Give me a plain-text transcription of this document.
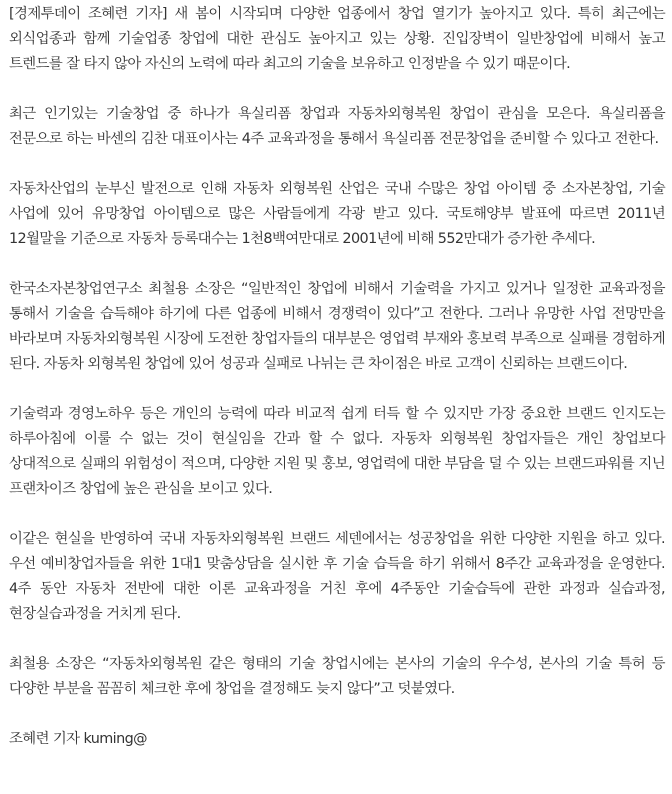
[경제투데이 조혜련 기자] 새 봄이 시작되며 다양한 업종에서 창업 열기가 높아지고 있다. 특히 최근에는 외식업종과 함께 기술업종 창업에 대한 관심도 높아지고 있는 상황. 진입장벽이 일반창업에 비해서 높고 트렌드를 잘 타지 않아 자신의 노력에 따라 최고의 기술을 보유하고 인정받을 수 있기 때문이다.

최근 인기있는 기술창업 중 하나가 욕실리폼 창업과 자동차외형복원 창업이 관심을 모은다. 욕실리폼을 전문으로 하는 바센의 김찬 대표이사는 4주 교육과정을 통해서 욕실리폼 전문창업을 준비할 수 있다고 전한다.

자동차산업의 눈부신 발전으로 인해 자동차 외형복원 산업은 국내 수많은 창업 아이템 중 소자본창업, 기술 사업에 있어 유망창업 아이템으로 많은 사람들에게 각광 받고 있다. 국토해양부 발표에 따르면 2011년 12월말을 기준으로 자동차 등록대수는 1천8백여만대로 2001년에 비해 552만대가 증가한 추세다.

한국소자본창업연구소 최철용 소장은 “일반적인 창업에 비해서 기술력을 가지고 있거나 일정한 교육과정을 통해서 기술을 습득해야 하기에 다른 업종에 비해서 경쟁력이 있다”고 전한다. 그러나 유망한 사업 전망만을 바라보며 자동차외형복원 시장에 도전한 창업자들의 대부분은 영업력 부재와 홍보력 부족으로 실패를 경험하게 된다. 자동차 외형복원 창업에 있어 성공과 실패로 나뉘는 큰 차이점은 바로 고객이 신뢰하는 브랜드이다.

기술력과 경영노하우 등은 개인의 능력에 따라 비교적 쉽게 터득 할 수 있지만 가장 중요한 브랜드 인지도는 하루아침에 이룰 수 없는 것이 현실임을 간과 할 수 없다. 자동차 외형복원 창업자들은 개인 창업보다 상대적으로 실패의 위험성이 적으며, 다양한 지원 및 홍보, 영업력에 대한 부담을 덜 수 있는 브랜드파워를 지닌 프랜차이즈 창업에 높은 관심을 보이고 있다.

이같은 현실을 반영하여 국내 자동차외형복원 브랜드 세덴에서는 성공창업을 위한 다양한 지원을 하고 있다. 우선 예비창업자들을 위한 1대1 맞춤상담을 실시한 후 기술 습득을 하기 위해서 8주간 교육과정을 운영한다. 4주 동안 자동차 전반에 대한 이론 교육과정을 거친 후에 4주동안 기술습득에 관한 과정과 실습과정, 현장실습과정을 거치게 된다.

최철용 소장은 “자동차외형복원 같은 형태의 기술 창업시에는 본사의 기술의 우수성, 본사의 기술 특허 등 다양한 부분을 꼼꼼히 체크한 후에 창업을 결정해도 늦지 않다”고 덧붙였다.

조혜련 기자 kuming@
